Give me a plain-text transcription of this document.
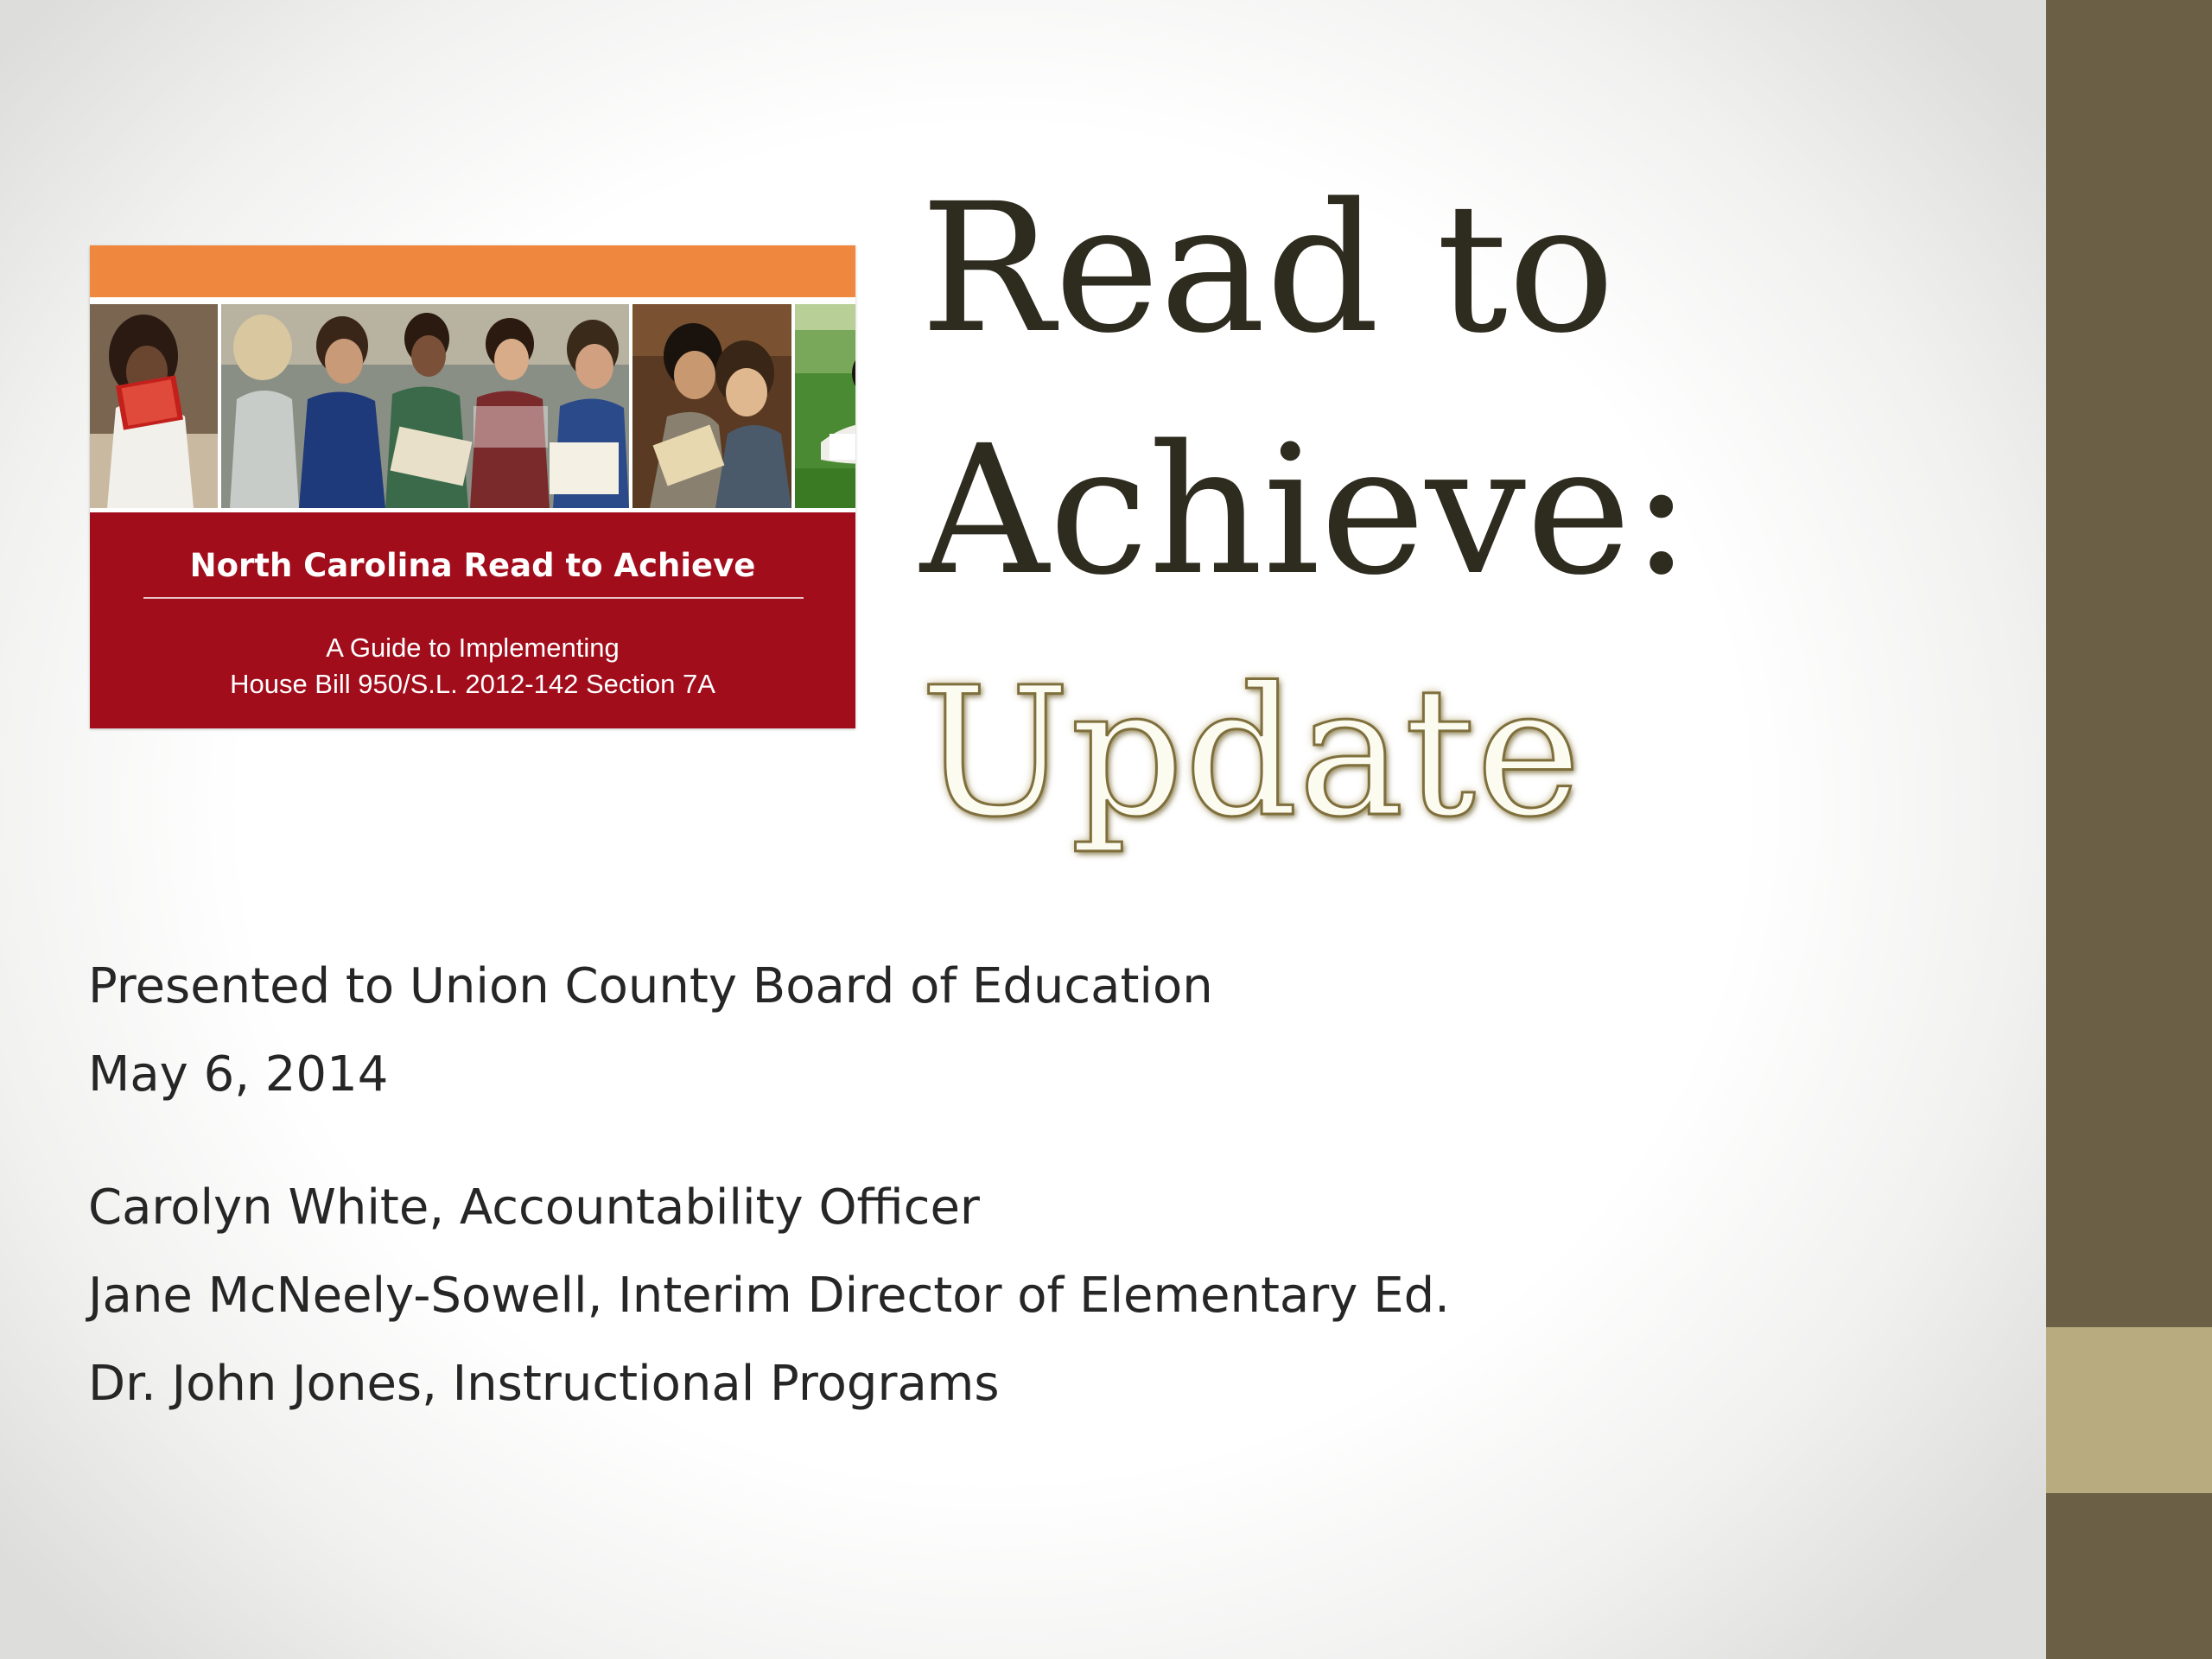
North Carolina Read to Achieve
A Guide to Implementing
House Bill 950/S.L. 2012-142 Section 7A
Read to
Achieve:
Update
Presented to Union County Board of Education
May 6, 2014
Carolyn White, Accountability Officer
Jane McNeely-Sowell, Interim Director of Elementary Ed.
Dr. John Jones, Instructional Programs
